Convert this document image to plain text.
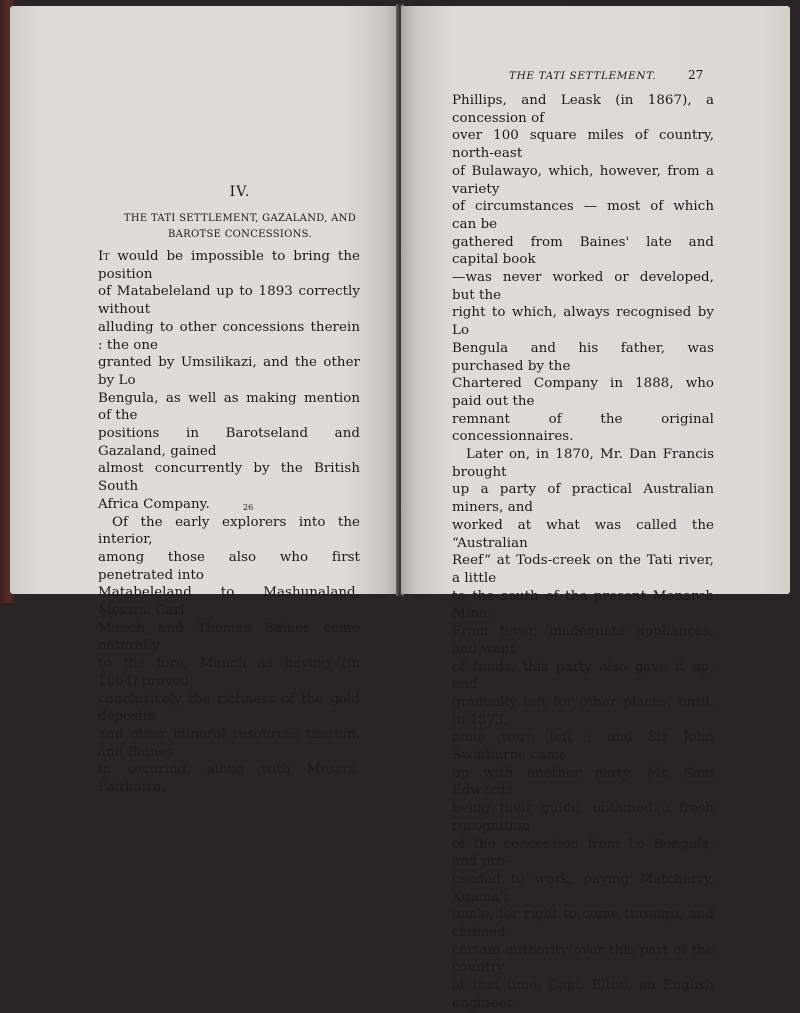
IV.
THE TATI SETTLEMENT, GAZALAND, AND BAROTSE CONCESSIONS.

It would be impossible to bring the position
of Matabeleland up to 1893 correctly without
alluding to other concessions therein : the one
granted by Umsilikazi, and the other by Lo
Bengula, as well as making mention of the
positions in Barotseland and Gazaland, gained
almost concurrently by the British South
Africa Company.

Of the early explorers into the interior,
among those also who first penetrated into
Matabeleland to Mashunaland, Messrs. Carl
Mauch and Thomas Baines come naturally
to the fore, Mauch as having (in 1864) proved
conclusively the richness of the gold deposits
and other mineral resources therein, and Baines
in securing, along with Messrs. Fairbairn,

26
THE TATI SETTLEMENT.	27

Phillips, and Leask (in 1867), a concession of
over 100 square miles of country, north-east
of Bulawayo, which, however, from a variety
of circumstances — most of which can be
gathered from Baines' late and capital book
—was never worked or developed, but the
right to which, always recognised by Lo
Bengula and his father, was purchased by the
Chartered Company in 1888, who paid out the
remnant of the original concessionnaires.

Later on, in 1870, Mr. Dan Francis brought
up a party of practical Australian miners, and
worked at what was called the “Australian
Reef” at Tods-creek on the Tati river, a little
to the south of the present Monarch Mine.
From fever, inadequate appliances, and want
of funds, this party also gave it up, and
gradually left for other places, until, in 1873,
none were left ; and Sir John Swinburne came
up with another party, Mr. Sam Edwards
being their guide, obtained a fresh recognition
of the concession from Lo Bengula, and pro-
ceeded to work, paying Matcherry, Kgama's
uncle, for right to come through, and claimed
certain authority over this part of the country
at that time, Capt. Elton, an English engineer
